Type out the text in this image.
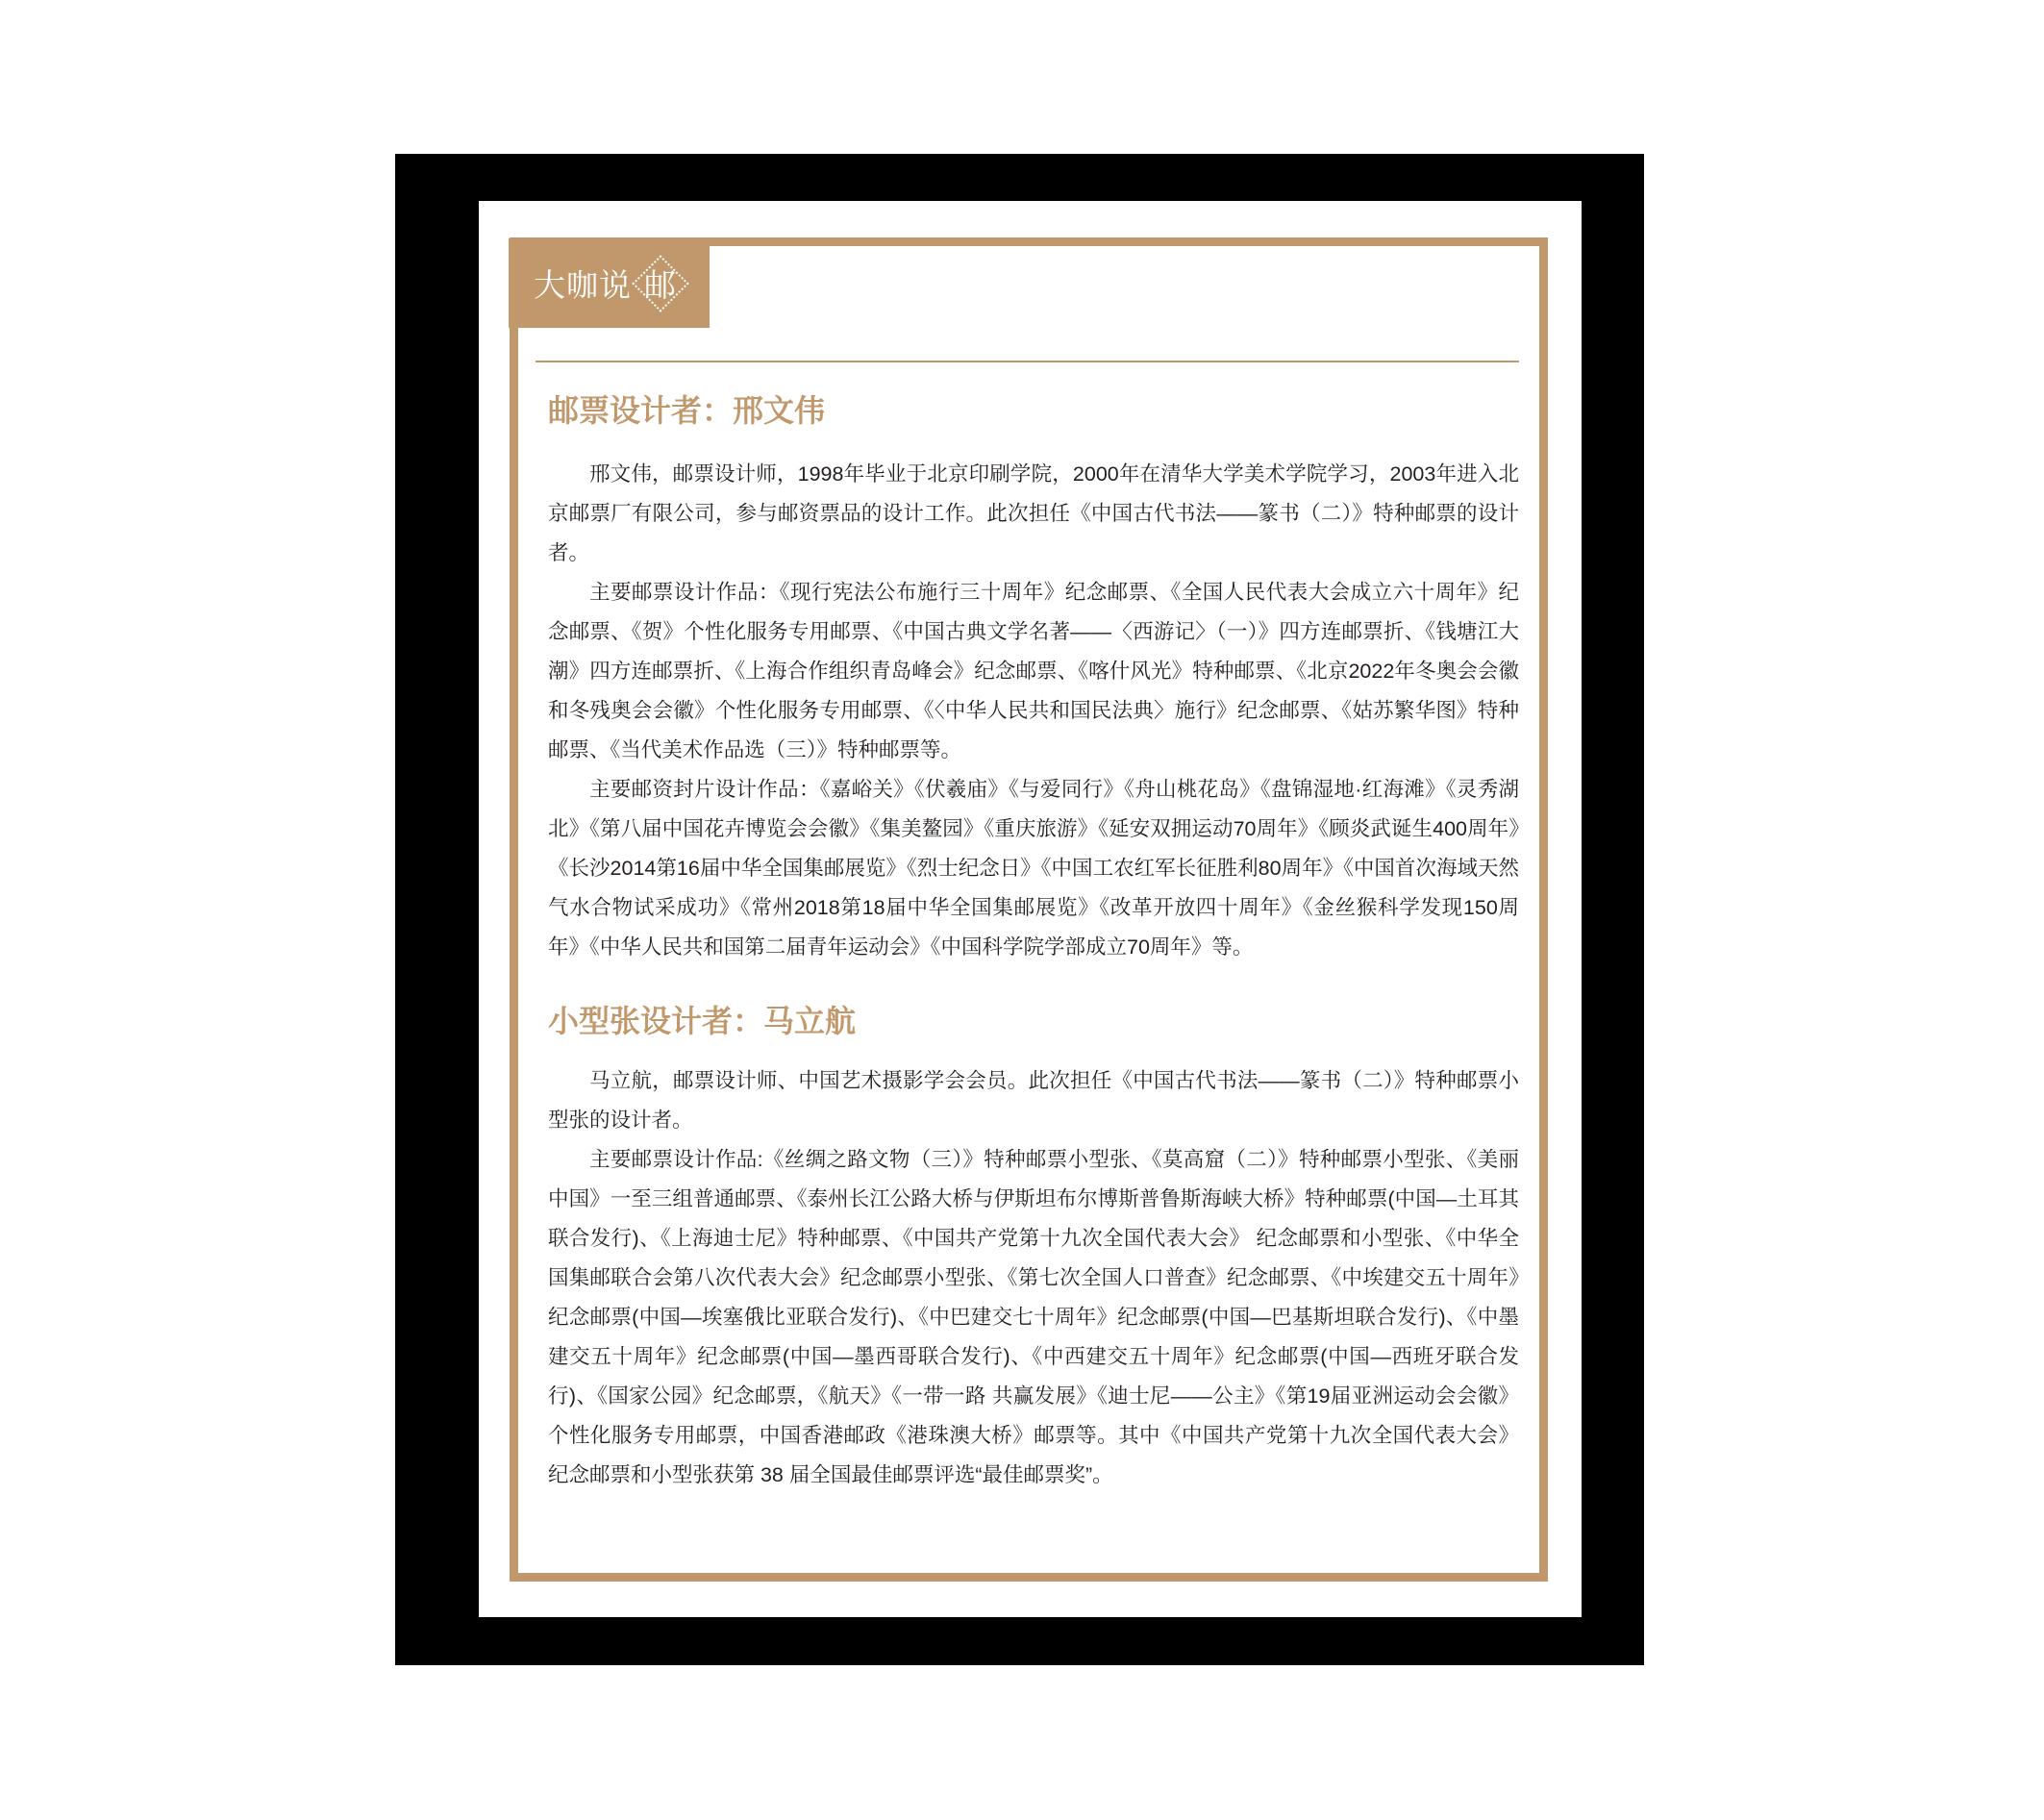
大咖说 邮
邮票设计者：邢文伟

邢文伟，邮票设计师，1998年毕业于北京印刷学院，2000年在清华大学美术学院学习，2003年进入北京邮票厂有限公司，参与邮资票品的设计工作。此次担任《中国古代书法——篆书（二）》特种邮票的设计者。

主要邮票设计作品：《现行宪法公布施行三十周年》纪念邮票、《全国人民代表大会成立六十周年》纪念邮票、《贺》个性化服务专用邮票、《中国古典文学名著——〈西游记〉（一）》四方连邮票折、《钱塘江大潮》四方连邮票折、《上海合作组织青岛峰会》纪念邮票、《喀什风光》特种邮票、《北京2022年冬奥会会徽和冬残奥会会徽》个性化服务专用邮票、《〈中华人民共和国民法典〉施行》纪念邮票、《姑苏繁华图》特种邮票、《当代美术作品选（三）》特种邮票等。

主要邮资封片设计作品：《嘉峪关》《伏羲庙》《与爱同行》《舟山桃花岛》《盘锦湿地·红海滩》《灵秀湖北》《第八届中国花卉博览会会徽》《集美鳌园》《重庆旅游》《延安双拥运动70周年》《顾炎武诞生400周年》《长沙2014第16届中华全国集邮展览》《烈士纪念日》《中国工农红军长征胜利80周年》《中国首次海域天然气水合物试采成功》《常州2018第18届中华全国集邮展览》《改革开放四十周年》《金丝猴科学发现150周年》《中华人民共和国第二届青年运动会》《中国科学院学部成立70周年》等。

小型张设计者：马立航

马立航，邮票设计师、中国艺术摄影学会会员。此次担任《中国古代书法——篆书（二）》特种邮票小型张的设计者。

主要邮票设计作品:《丝绸之路文物（三）》特种邮票小型张、《莫高窟（二）》特种邮票小型张、《美丽中国》一至三组普通邮票、《泰州长江公路大桥与伊斯坦布尔博斯普鲁斯海峡大桥》特种邮票(中国—土耳其联合发行)、《上海迪士尼》特种邮票、《中国共产党第十九次全国代表大会》 纪念邮票和小型张、《中华全国集邮联合会第八次代表大会》纪念邮票小型张、《第七次全国人口普查》纪念邮票、《中埃建交五十周年》纪念邮票(中国—埃塞俄比亚联合发行)、《中巴建交七十周年》纪念邮票(中国—巴基斯坦联合发行)、《中墨建交五十周年》纪念邮票(中国—墨西哥联合发行)、《中西建交五十周年》纪念邮票(中国—西班牙联合发行)、《国家公园》纪念邮票，《航天》《一带一路 共赢发展》《迪士尼——公主》《第19届亚洲运动会会徽》个性化服务专用邮票，中国香港邮政《港珠澳大桥》邮票等。其中《中国共产党第十九次全国代表大会》纪念邮票和小型张获第 38 届全国最佳邮票评选“最佳邮票奖”。
